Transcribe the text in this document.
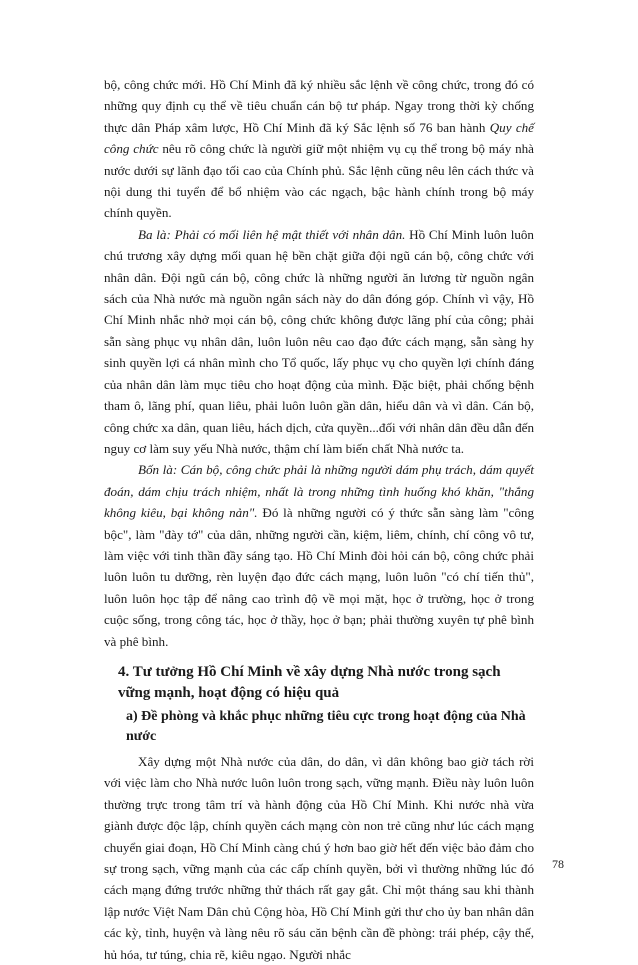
bộ, công chức mới. Hồ Chí Minh đã ký nhiều sắc lệnh về công chức, trong đó có những quy định cụ thể về tiêu chuẩn cán bộ tư pháp. Ngay trong thời kỳ chống thực dân Pháp xâm lược, Hồ Chí Minh đã ký Sắc lệnh số 76 ban hành Quy chế công chức nêu rõ công chức là người giữ một nhiệm vụ cụ thể trong bộ máy nhà nước dưới sự lãnh đạo tối cao của Chính phủ. Sắc lệnh cũng nêu lên cách thức và nội dung thi tuyển để bổ nhiệm vào các ngạch, bậc hành chính trong bộ máy chính quyền.

Ba là: Phải có mối liên hệ mật thiết với nhân dân. Hồ Chí Minh luôn luôn chú trương xây dựng mối quan hệ bền chặt giữa đội ngũ cán bộ, công chức với nhân dân. Đội ngũ cán bộ, công chức là những người ăn lương từ nguồn ngân sách của Nhà nước mà nguồn ngân sách này do dân đóng góp. Chính vì vậy, Hồ Chí Minh nhắc nhở mọi cán bộ, công chức không được lãng phí của công; phải sẵn sàng phục vụ nhân dân, luôn luôn nêu cao đạo đức cách mạng, sẵn sàng hy sinh quyền lợi cá nhân mình cho Tổ quốc, lấy phục vụ cho quyền lợi chính đáng của nhân dân làm mục tiêu cho hoạt động của mình. Đặc biệt, phải chống bệnh tham ô, lãng phí, quan liêu, phải luôn luôn gần dân, hiểu dân và vì dân. Cán bộ, công chức xa dân, quan liêu, hách dịch, cửa quyền...đối với nhân dân đều dẫn đến nguy cơ làm suy yếu Nhà nước, thậm chí làm biến chất Nhà nước ta.

Bốn là: Cán bộ, công chức phải là những người dám phụ trách, dám quyết đoán, dám chịu trách nhiệm, nhất là trong những tình huống khó khăn, "thắng không kiêu, bại không nản". Đó là những người có ý thức sẵn sàng làm "công bộc", làm "đày tớ" của dân, những người cần, kiệm, liêm, chính, chí công vô tư, làm việc với tinh thần đầy sáng tạo. Hồ Chí Minh đòi hỏi cán bộ, công chức phải luôn luôn tu dưỡng, rèn luyện đạo đức cách mạng, luôn luôn "có chí tiến thủ", luôn luôn học tập để nâng cao trình độ về mọi mặt, học ở trường, học ở trong cuộc sống, trong công tác, học ở thầy, học ở bạn; phải thường xuyên tự phê bình và phê bình.

4. Tư tưởng Hồ Chí Minh về xây dựng Nhà nước trong sạch vững mạnh, hoạt động có hiệu quả
a) Đề phòng và khắc phục những tiêu cực trong hoạt động của Nhà nước

Xây dựng một Nhà nước của dân, do dân, vì dân không bao giờ tách rời với việc làm cho Nhà nước luôn luôn trong sạch, vững mạnh. Điều này luôn luôn thường trực trong tâm trí và hành động của Hồ Chí Minh. Khi nước nhà vừa giành được độc lập, chính quyền cách mạng còn non trẻ cũng như lúc cách mạng chuyển giai đoạn, Hồ Chí Minh càng chú ý hơn bao giờ hết đến việc bảo đảm cho sự trong sạch, vững mạnh của các cấp chính quyền, bởi vì thường những lúc đó cách mạng đứng trước những thử thách rất gay gắt. Chỉ một tháng sau khi thành lập nước Việt Nam Dân chủ Cộng hòa, Hồ Chí Minh gửi thư cho ủy ban nhân dân các kỳ, tỉnh, huyện và làng nêu rõ sáu căn bệnh cần đề phòng: trái phép, cậy thế, hủ hóa, tư túng, chia rẽ, kiêu ngạo. Người nhắc

78
